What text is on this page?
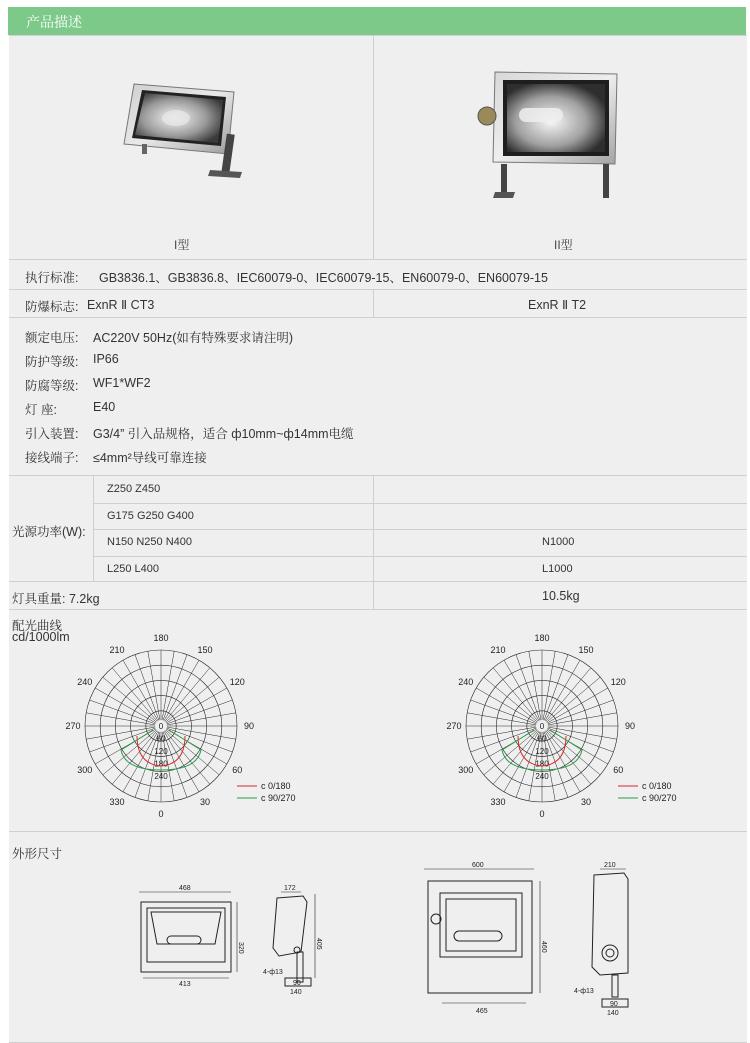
产品描述
I型	II型
执行标准: GB3836.1、GB3836.8、IEC60079-0、IEC60079-15、EN60079-0、EN60079-15
防爆标志: ExnR Ⅱ CT3	ExnR Ⅱ T2
额定电压: AC220V 50Hz(如有特殊要求请注明)
防护等级: IP66
防腐等级: WF1*WF2
灯 座:	E40
引入装置: G3/4” 引入品规格，适合 ф10mm~ф14mm电缆
接线端子: ≤4mm²导线可靠连接
光源功率(W):
Z250 Z450
G175 G250 G400
N150 N250 N400	N1000
L250 L400	L1000
灯具重量: 7.2kg	10.5kg
配光曲线
cd/1000lm	180
210	150
240	120
270	90
300	60
330	30
0
0
60
120
180
240
c 0/180
c 90/270
180
210	150
240	120
270	90
300	60
330	30
0
0
60
120
180
240
c 0/180
c 90/270
外形尺寸
468
320
413
172
405
4-ф13
90
140
600
460
465
210
4-ф13
90
140
